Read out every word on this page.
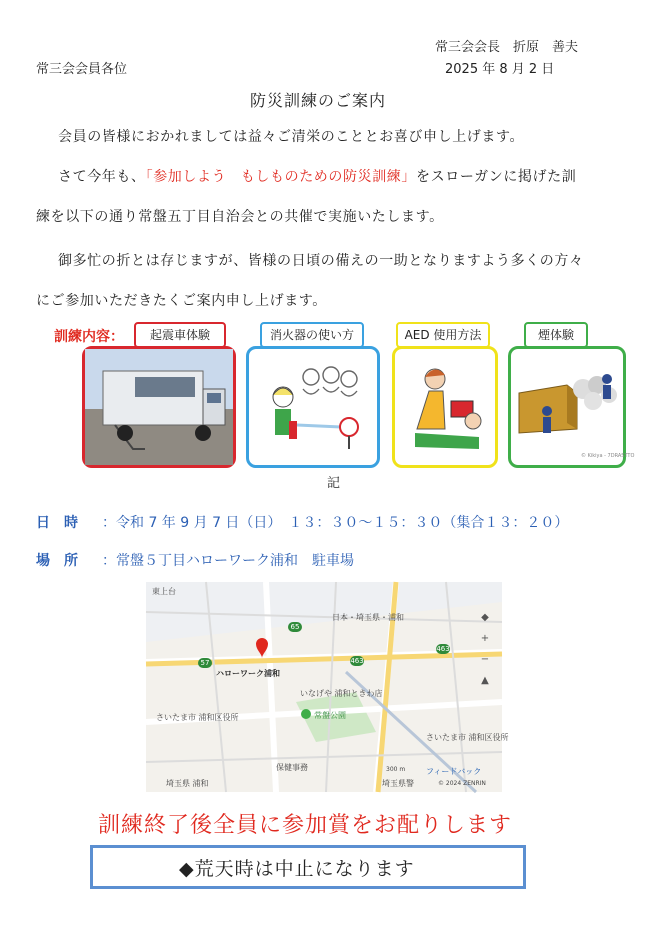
常三会会長　折原　善夫
2025 年 8 月 2 日
常三会会員各位
防災訓練のご案内
会員の皆様におかれましては益々ご清栄のこととお喜び申し上げます。
さて今年も、「参加しよう　もしものための防災訓練」をスローガンに掲げた訓
練を以下の通り常盤五丁目自治会との共催で実施いたします。
御多忙の折とは存じますが、皆様の日頃の備えの一助となりますよう多くの方々
にご参加いただきたくご案内申し上げます。
訓練内容：	起震車体験	消火器の使い方	AED 使用方法	煙体験
© Kikiya - 7DRASTTO
記
日　時 ：令和 7 年 9 月 7 日（日）　１３：３０～１５：３０（集合１３：２０）
場　所 ：常盤５丁目ハローワーク浦和　駐車場
東上台
日本・埼玉県・浦和
ハローワーク浦和
いなげや 浦和ときわ店
常盤公園
さいたま市 浦和区役所
保健事務
さいたま市 浦和区役所
埼玉県 浦和	埼玉県警
フィードバック
© 2024 ZENRIN
300 m
65
57	463
463
◆
+
−
▲
訓練終了後全員に参加賞をお配りします
◆荒天時は中止になります
